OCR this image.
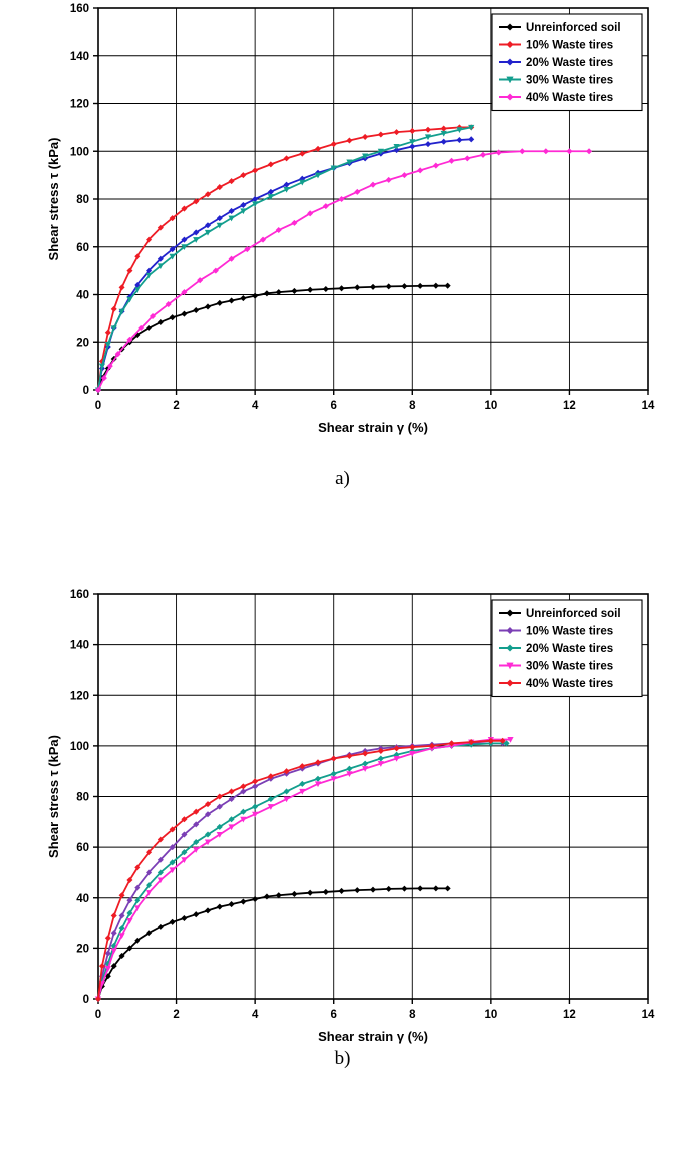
0	2	4	6	8	10	12	14
0
20
40
60
80
100
120
140
160
Shear strain γ (%)
Shear stress τ (kPa)
Unreinforced soil
10% Waste tires
20% Waste tires
30% Waste tires
40% Waste tires
a)
0	2	4	6	8	10	12	14
0
20
40
60
80
100
120
140
160
Shear strain γ (%)
Shear stress τ (kPa)
Unreinforced soil
10% Waste tires
20% Waste tires
30% Waste tires
40% Waste tires
b)
